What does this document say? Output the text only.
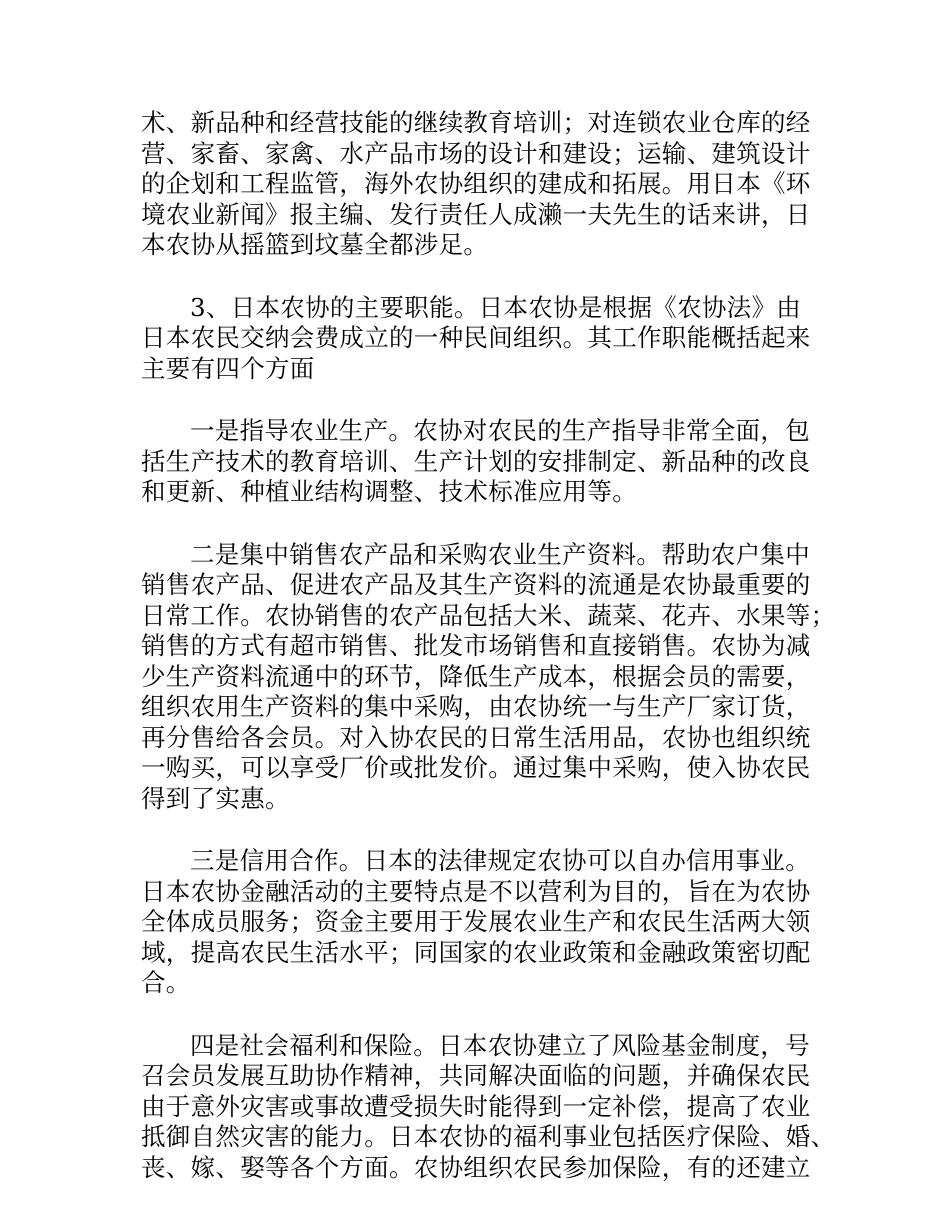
术、新品种和经营技能的继续教育培训；对连锁农业仓库的经
营、家畜、家禽、水产品市场的设计和建设；运输、建筑设计
的企划和工程监管，海外农协组织的建成和拓展。用日本《环
境农业新闻》报主编、发行责任人成濑一夫先生的话来讲，日
本农协从摇篮到坟墓全都涉足。

3、日本农协的主要职能。日本农协是根据《农协法》由
日本农民交纳会费成立的一种民间组织。其工作职能概括起来
主要有四个方面

一是指导农业生产。农协对农民的生产指导非常全面，包
括生产技术的教育培训、生产计划的安排制定、新品种的改良
和更新、种植业结构调整、技术标准应用等。

二是集中销售农产品和采购农业生产资料。帮助农户集中
销售农产品、促进农产品及其生产资料的流通是农协最重要的
日常工作。农协销售的农产品包括大米、蔬菜、花卉、水果等；
销售的方式有超市销售、批发市场销售和直接销售。农协为减
少生产资料流通中的环节，降低生产成本，根据会员的需要，
组织农用生产资料的集中采购，由农协统一与生产厂家订货，
再分售给各会员。对入协农民的日常生活用品，农协也组织统
一购买，可以享受厂价或批发价。通过集中采购，使入协农民
得到了实惠。

三是信用合作。日本的法律规定农协可以自办信用事业。
日本农协金融活动的主要特点是不以营利为目的，旨在为农协
全体成员服务；资金主要用于发展农业生产和农民生活两大领
域，提高农民生活水平；同国家的农业政策和金融政策密切配
合。

四是社会福利和保险。日本农协建立了风险基金制度，号
召会员发展互助协作精神，共同解决面临的问题，并确保农民
由于意外灾害或事故遭受损失时能得到一定补偿，提高了农业
抵御自然灾害的能力。日本农协的福利事业包括医疗保险、婚、
丧、嫁、娶等各个方面。农协组织农民参加保险，有的还建立
